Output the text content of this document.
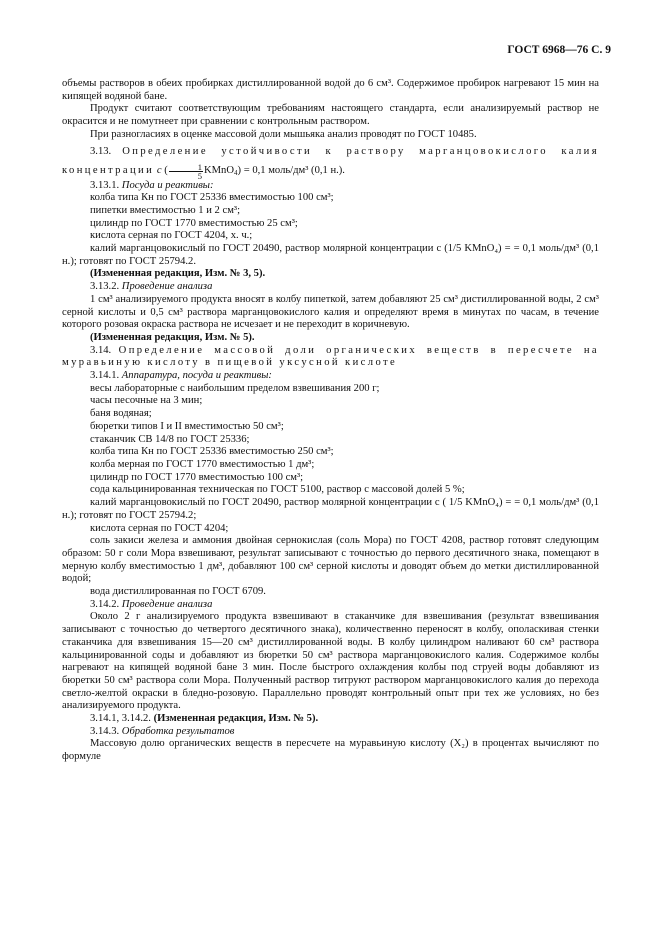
ГОСТ 6968—76 С. 9

объемы растворов в обеих пробирках дистиллированной водой до 6 см³. Содержимое пробирок нагревают 15 мин на кипящей водяной бане.

Продукт считают соответствующим требованиям настоящего стандарта, если анализируемый раствор не окрасится и не помутнеет при сравнении с контрольным раствором.

При разногласиях в оценке массовой доли мышьяка анализ проводят по ГОСТ 10485.

3.13. Определение устойчивости к раствору марганцовокислого калия концентрации c ( $\frac{1}{5}$ KMnO$_4$) = 0,1 моль/дм³ (0,1 н.).

3.13.1. Посуда и реактивы:

колба типа Кн по ГОСТ 25336 вместимостью 100 см³;

пипетки вместимостью 1 и 2 см³;

цилиндр по ГОСТ 1770 вместимостью 25 см³;

кислота серная по ГОСТ 4204, х. ч.;

калий марганцовокислый по ГОСТ 20490, раствор молярной концентрации c (1/5 KMnO₄) = = 0,1 моль/дм³ (0,1 н.); готовят по ГОСТ 25794.2.

(Измененная редакция, Изм. № 3, 5).

3.13.2. Проведение анализа

1 см³ анализируемого продукта вносят в колбу пипеткой, затем добавляют 25 см³ дистиллированной воды, 2 см³ серной кислоты и 0,5 см³ раствора марганцовокислого калия и определяют время в минутах по часам, в течение которого розовая окраска раствора не исчезает и не переходит в коричневую.

(Измененная редакция, Изм. № 5).

3.14. Определение массовой доли органических веществ в пересчете на муравьиную кислоту в пищевой уксусной кислоте

3.14.1. Аппаратура, посуда и реактивы:

весы лабораторные с наибольшим пределом взвешивания 200 г;

часы песочные на 3 мин;

баня водяная;

бюретки типов I и II вместимостью 50 см³;

стаканчик СВ 14/8 по ГОСТ 25336;

колба типа Кн по ГОСТ 25336 вместимостью 250 см³;

колба мерная по ГОСТ 1770 вместимостью 1 дм³;

цилиндр по ГОСТ 1770 вместимостью 100 см³;

сода кальцинированная техническая по ГОСТ 5100, раствор с массовой долей 5 %;

калий марганцовокислый по ГОСТ 20490, раствор молярной концентрации c ( 1/5 KMnO₄) = = 0,1 моль/дм³ (0,1 н.); готовят по ГОСТ 25794.2;

кислота серная по ГОСТ 4204;

соль закиси железа и аммония двойная сернокислая (соль Мора) по ГОСТ 4208, раствор готовят следующим образом: 50 г соли Мора взвешивают, результат записывают с точностью до первого десятичного знака, помещают в мерную колбу вместимостью 1 дм³, добавляют 100 см³ серной кислоты и доводят объем до метки дистиллированной водой;

вода дистиллированная по ГОСТ 6709.

3.14.2. Проведение анализа

Около 2 г анализируемого продукта взвешивают в стаканчике для взвешивания (результат взвешивания записывают с точностью до четвертого десятичного знака), количественно переносят в колбу, ополаскивая стенки стаканчика для взвешивания 15—20 см³ дистиллированной воды. В колбу цилиндром наливают 60 см³ раствора кальцинированной соды и добавляют из бюретки 50 см³ раствора марганцовокислого калия. Содержимое колбы нагревают на кипящей водяной бане 3 мин. После быстрого охлаждения колбы под струей воды добавляют из бюретки 50 см³ раствора соли Мора. Полученный раствор титруют раствором марганцовокислого калия до перехода светло-желтой окраски в бледно-розовую. Параллельно проводят контрольный опыт при тех же условиях, но без анализируемого продукта.

3.14.1, 3.14.2. (Измененная редакция, Изм. № 5).

3.14.3. Обработка результатов

Массовую долю органических веществ в пересчете на муравьиную кислоту (X₂) в процентах вычисляют по формуле
